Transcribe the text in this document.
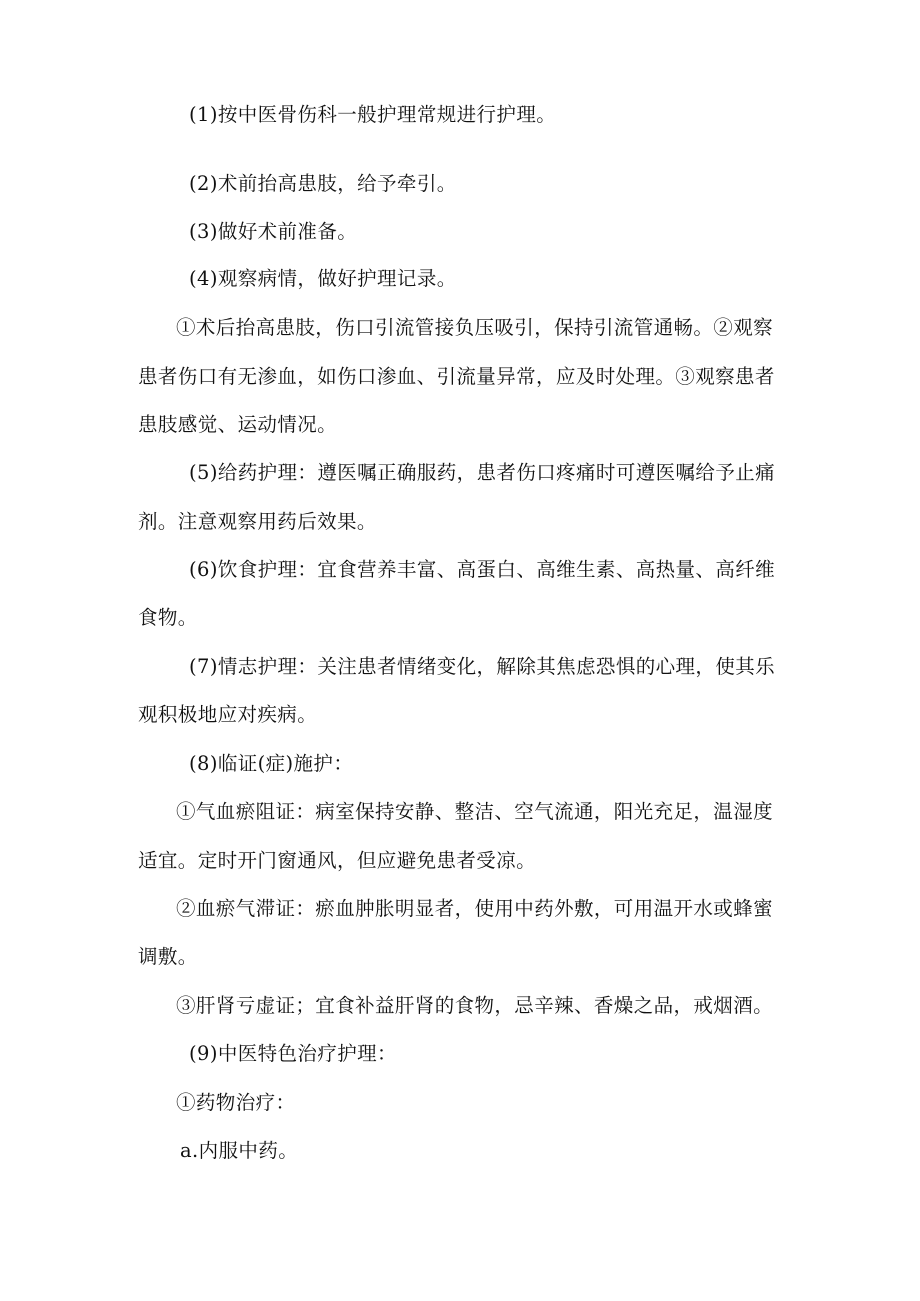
(1)按中医骨伤科一般护理常规进行护理。
(2)术前抬高患肢，给予牵引。
(3)做好术前准备。
(4)观察病情，做好护理记录。
①术后抬高患肢，伤口引流管接负压吸引，保持引流管通畅。②观察
患者伤口有无渗血，如伤口渗血、引流量异常，应及时处理。③观察患者
患肢感觉、运动情况。
(5)给药护理：遵医嘱正确服药，患者伤口疼痛时可遵医嘱给予止痛
剂。注意观察用药后效果。
(6)饮食护理：宜食营养丰富、高蛋白、高维生素、高热量、高纤维
食物。
(7)情志护理：关注患者情绪变化，解除其焦虑恐惧的心理，使其乐
观积极地应对疾病。
(8)临证(症)施护：
①气血瘀阻证：病室保持安静、整洁、空气流通，阳光充足，温湿度
适宜。定时开门窗通风，但应避免患者受凉。
②血瘀气滞证：瘀血肿胀明显者，使用中药外敷，可用温开水或蜂蜜
调敷。
③肝肾亏虚证；宜食补益肝肾的食物，忌辛辣、香燥之品，戒烟酒。
(9)中医特色治疗护理：
①药物治疗：
a.内服中药。
